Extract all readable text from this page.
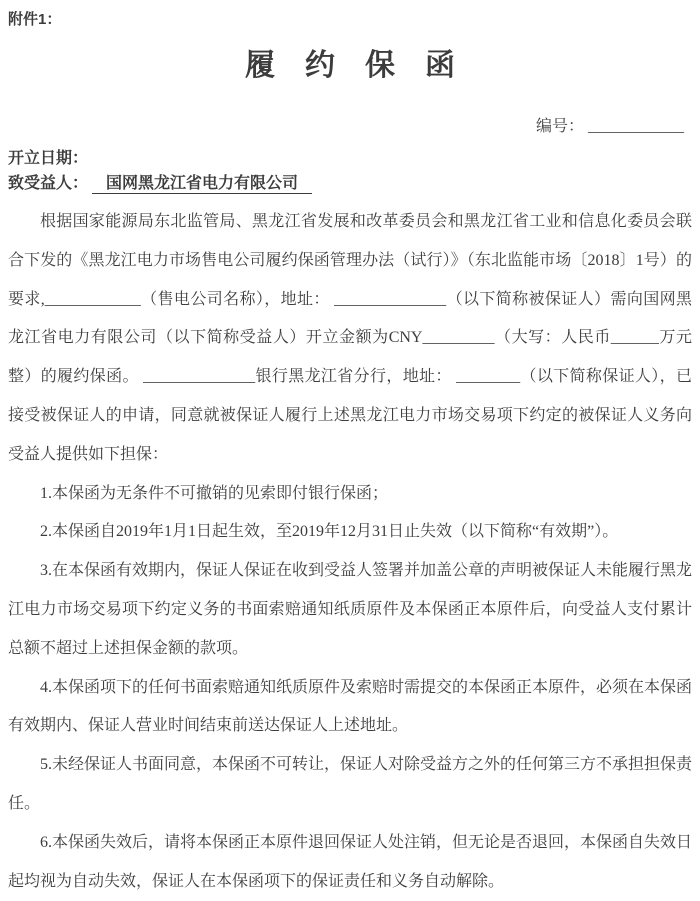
附件1：
履约保函
编号： ____________
开立日期：
致受益人： 国网黑龙江省电力有限公司

根据国家能源局东北监管局、黑龙江省发展和改革委员会和黑龙江省工业和信息化委员会联合下发的《黑龙江电力市场售电公司履约保函管理办法（试行）》（东北监能市场〔2018〕1号）的要求,____________（售电公司名称），地址： ______________（以下简称被保证人）需向国网黑龙江省电力有限公司（以下简称受益人）开立金额为CNY_________（大写：人民币______万元整）的履约保函。 ______________银行黑龙江省分行，地址： ________（以下简称保证人），已接受被保证人的申请，同意就被保证人履行上述黑龙江电力市场交易项下约定的被保证人义务向受益人提供如下担保：

1.本保函为无条件不可撤销的见索即付银行保函；

2.本保函自2019年1月1日起生效，至2019年12月31日止失效（以下简称“有效期”）。

3.在本保函有效期内，保证人保证在收到受益人签署并加盖公章的声明被保证人未能履行黑龙江电力市场交易项下约定义务的书面索赔通知纸质原件及本保函正本原件后，向受益人支付累计总额不超过上述担保金额的款项。

4.本保函项下的任何书面索赔通知纸质原件及索赔时需提交的本保函正本原件，必须在本保函有效期内、保证人营业时间结束前送达保证人上述地址。

5.未经保证人书面同意，本保函不可转让，保证人对除受益方之外的任何第三方不承担担保责任。

6.本保函失效后，请将本保函正本原件退回保证人处注销，但无论是否退回，本保函自失效日起均视为自动失效，保证人在本保函项下的保证责任和义务自动解除。
